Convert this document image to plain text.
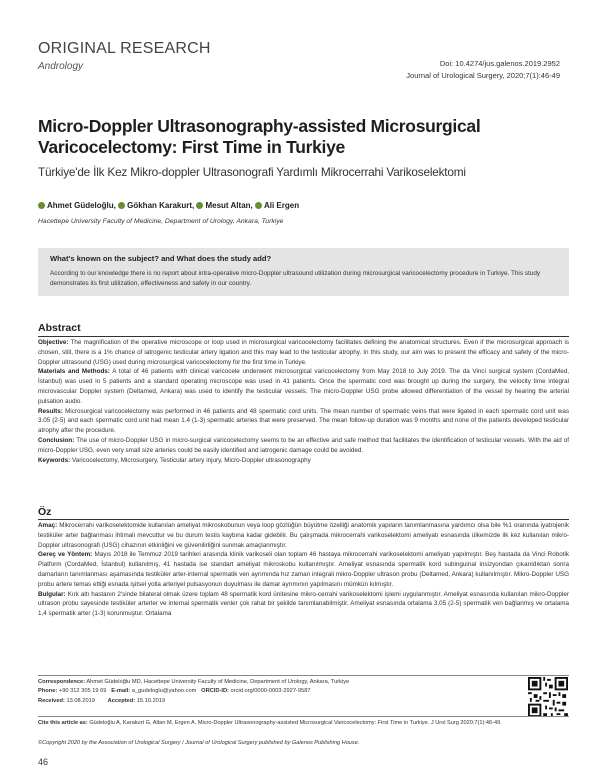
ORIGINAL RESEARCH
Andrology	Doi: 10.4274/jus.galenos.2019.2952
Journal of Urological Surgery, 2020;7(1):46-49
Micro-Doppler Ultrasonography-assisted Microsurgical
Varicocelectomy: First Time in Turkiye
Türkiye'de İlk Kez Mikro-doppler Ultrasonografi Yardımlı Mikrocerrahi Varikoselektomi
Ahmet Güdeloğlu, Gökhan Karakurt, Mesut Altan, Ali Ergen
Hacettepe University Faculty of Medicine, Department of Urology, Ankara, Turkiye
What's known on the subject? and What does the study add?
According to our knowledge there is no report about intra-operative micro-Doppler ultrasound utilization during microsurgical varicocelectomy procedure in Turkiye. This study demonstrates its first utilization, effectiveness and safety in our country.
Abstract
Objective: The magnification of the operative microscope or loop used in microsurgical varicocelectomy facilitates defining the anatomical structures. Even if the microsurgical approach is chosen, still, there is a 1% chance of iatrogenic testicular artery ligation and this may lead to the testicular atrophy. In this study, our aim was to present the efficacy and safety of the micro-Doppler ultrasound (USG) used during microsurgical varicocelectomy for the first time in Turkiye.
Materials and Methods: A total of 46 patients with clinical varicocele underwent microsurgical varicocelectomy from May 2018 to July 2019. The da Vinci surgical system (CordaMed, İstanbul) was used in 5 patients and a standard operating microscope was used in 41 patients. Once the spermatic cord was brought up during the surgery, the velocity time integral microvascular Doppler system (Deltamed, Ankara) was used to identify the testicular vessels. The micro-Doppler USG probe allowed differentiation of the vessel by hearing the arterial pulsation audio.
Results: Microsurgical varicocelectomy was performed in 46 patients and 48 spermatic cord units. The mean number of spermatic veins that were ligated in each spermatic cord unit was 3.05 (2-5) and each spermatic cord unit had mean 1.4 (1-3) spermatic arteries that were preserved. The mean follow-up duration was 9 months and none of the patients developed testicular atrophy after the procedure.
Conclusion: The use of micro-Doppler USG in micro-surgical varicocelectomy seems to be an effective and safe method that facilitates the identification of testicular vessels. With the aid of micro-Doppler USG, even very small size arteries could be easily identified and iatrogenic damage could be avoided.
Keywords: Varicocelectomy, Microsurgery, Testicular artery injury, Micro-Doppler ultrasonography
Öz
Amaç: Mikrocerrahi varikoselektomide kullanılan ameliyat mikroskobunun veya loop gözlüğün büyütme özelliği anatomik yapıların tanımlanmasına yardımcı olsa bile %1 oranında iyatrojenik testiküler arter bağlanması ihtimali mevcuttur ve bu durum testis kaybına kadar gidebilir. Bu çalışmada mikrocerrahi varikoselektomi ameliyatı esnasında ülkemizde ilk kez kullanılan mikro-Doppler ultrasonografi (USG) cihazının etkinliğini ve güvenilirliğini sunmak amaçlanmıştır.
Gereç ve Yöntem: Mayıs 2018 ile Temmuz 2019 tarihleri arasında klinik varikoseli olan toplam 46 hastaya mikrocerrahi varikoselektomi ameliyatı yapılmıştır. Beş hastada da Vinci Robotik Platform (CordaMed, İstanbul) kullanılmış, 41 hastada ise standart ameliyat mikroskobu kullanılmıştır. Ameliyat esnasında spermatik kord subinguinal insizyondan çıkarıldıktan sonra damarların tanımlanması aşamasında testiküler arter-internal spermatik ven ayrımında hız zaman integrali mikro-Doppler ultrason probu (Deltamed, Ankara) kullanılmıştır. Mikro-Doppler USG probu artere temas ettiği esnada işitsel yolla arteriyel pulsasyonun duyulması ile damar ayrımının yapılmasını mümkün kılmıştır.
Bulgular: Kırk altı hastanın 2'sinde bilateral olmak üzere toplam 48 spermatik kord ünitesine mikro-cerrahi varikoselektomi işlemi uygulanmıştır. Ameliyat esnasında kullanılan mikro-Doppler ultrason probu sayesinde testiküler arterler ve internal spermatik venler çok rahat bir şekilde tanımlanabilmiştir. Ameliyat esnasında ortalama 3,05 (2-5) spermatik ven bağlanmış ve ortalama 1,4 spermatik arter (1-3) korunmuştur. Ortalama
Correspondence: Ahmet Güdeloğlu MD, Hacettepe University Faculty of Medicine, Department of Urology, Ankara, Turkiye
Phone: +90 312 305 19 69 E-mail: a_gudeloglu@yahoo.com ORCID-ID: orcid.org/0000-0003-2927-9587
Received: 13.08.2019 Accepted: 15.10.2019
Cite this article as: Güdeloğlu A, Karakurt G, Altan M, Ergen A. Micro-Doppler Ultrasonography-assisted Microsurgical Varicocelectomy: First Time in Turkiye. J Urol Surg 2020;7(1):46-49.
©Copyright 2020 by the Association of Urological Surgery / Journal of Urological Surgery published by Galenos Publishing House.
46
